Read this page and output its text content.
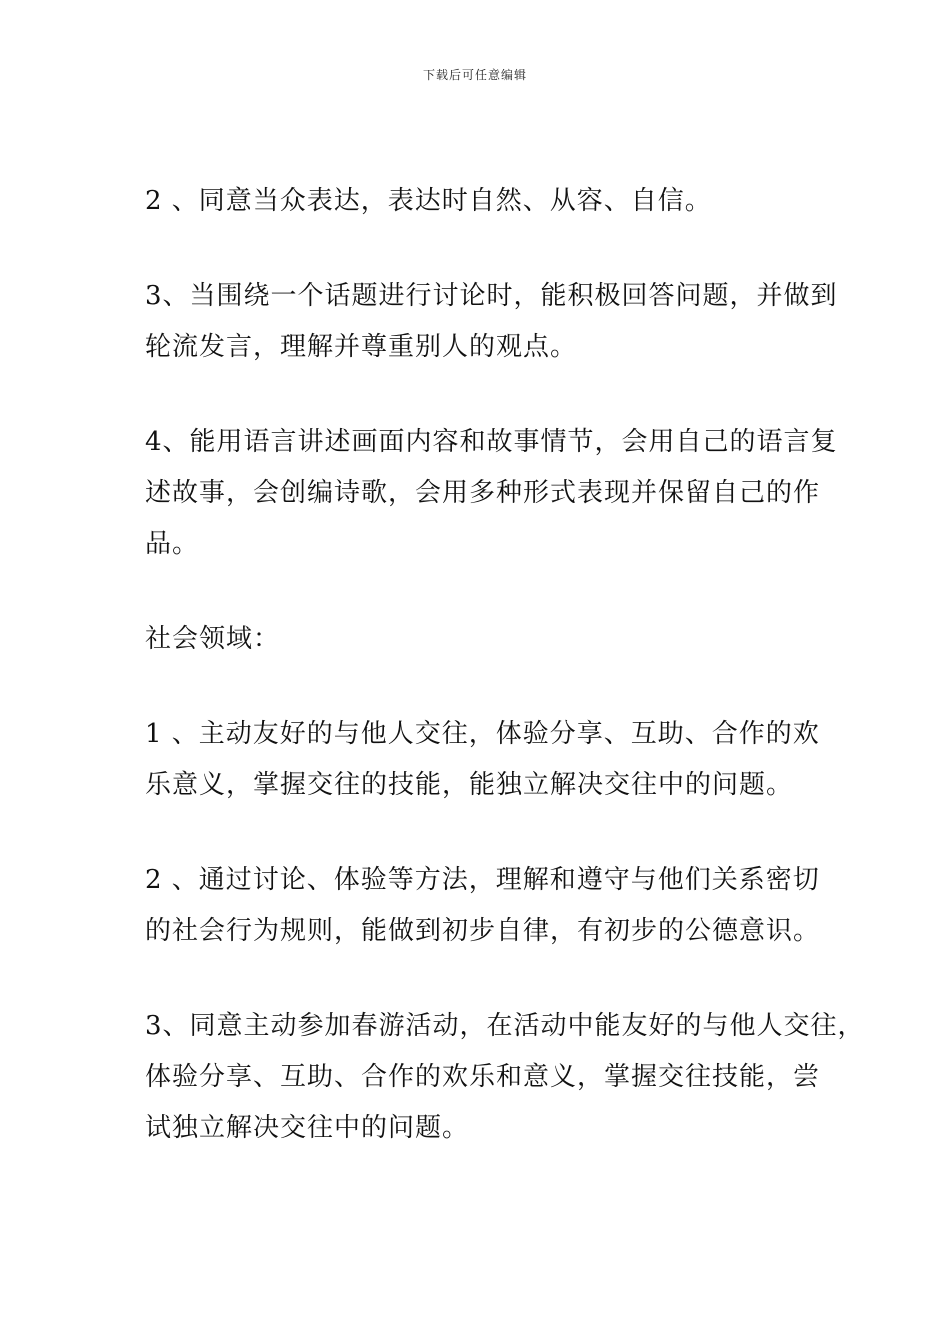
下载后可任意编辑

2 、同意当众表达，表达时自然、从容、自信。

3、当围绕一个话题进行讨论时，能积极回答问题，并做到
轮流发言，理解并尊重别人的观点。

4、能用语言讲述画面内容和故事情节，会用自己的语言复
述故事，会创编诗歌，会用多种形式表现并保留自己的作
品。

社会领域：

1 、主动友好的与他人交往，体验分享、互助、合作的欢
乐意义，掌握交往的技能，能独立解决交往中的问题。

2 、通过讨论、体验等方法，理解和遵守与他们关系密切
的社会行为规则，能做到初步自律，有初步的公德意识。

3、同意主动参加春游活动，在活动中能友好的与他人交往，
体验分享、互助、合作的欢乐和意义，掌握交往技能，尝
试独立解决交往中的问题。
